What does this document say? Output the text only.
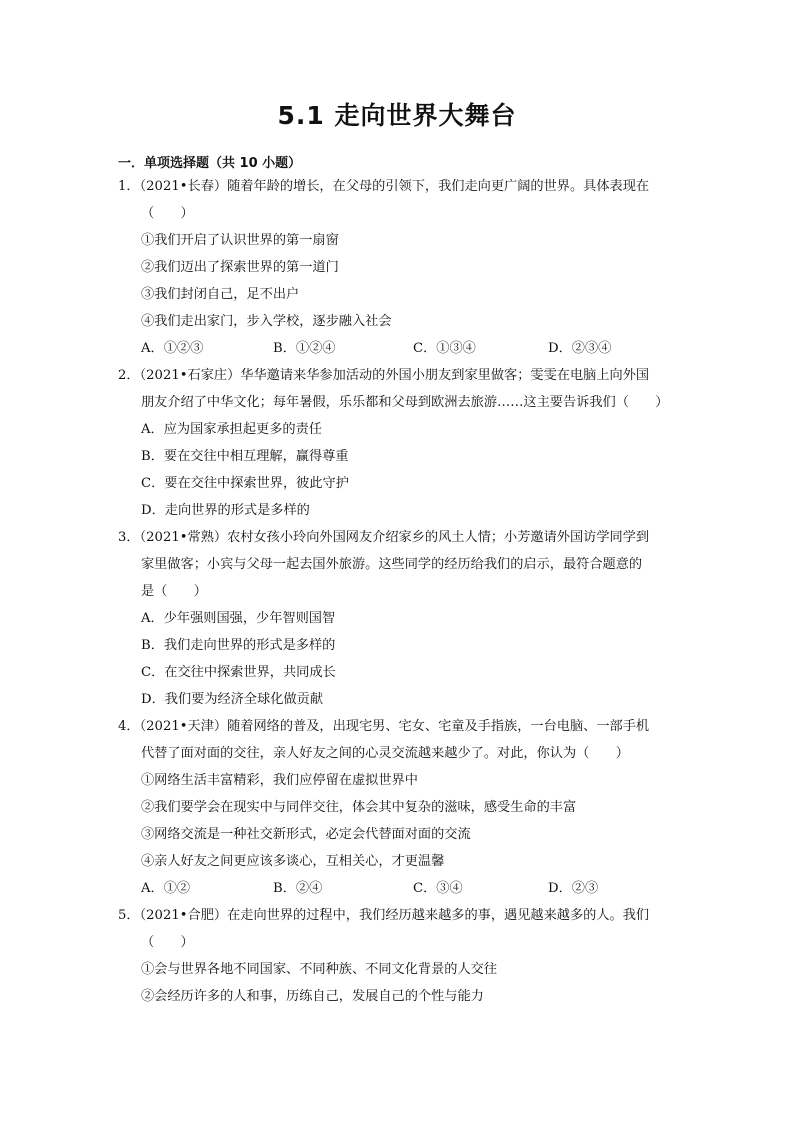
5.1 走向世界大舞台
一．单项选择题（共 10 小题）
1．（2021•长春）随着年龄的增长，在父母的引领下，我们走向更广阔的世界。具体表现在
（　　）
①我们开启了认识世界的第一扇窗
②我们迈出了探索世界的第一道门
③我们封闭自己，足不出户
④我们走出家门，步入学校，逐步融入社会
A．①②③	B．①②④	C．①③④	D．②③④
2．（2021•石家庄）华华邀请来华参加活动的外国小朋友到家里做客；雯雯在电脑上向外国
朋友介绍了中华文化；每年暑假，乐乐都和父母到欧洲去旅游……这主要告诉我们（　　）
A．应为国家承担起更多的责任
B．要在交往中相互理解，赢得尊重
C．要在交往中探索世界，彼此守护
D．走向世界的形式是多样的
3．（2021•常熟）农村女孩小玲向外国网友介绍家乡的风土人情；小芳邀请外国访学同学到
家里做客；小宾与父母一起去国外旅游。这些同学的经历给我们的启示，最符合题意的
是（　　）
A．少年强则国强，少年智则国智
B．我们走向世界的形式是多样的
C．在交往中探索世界，共同成长
D．我们要为经济全球化做贡献
4．（2021•天津）随着网络的普及，出现宅男、宅女、宅童及手指族，一台电脑、一部手机
代替了面对面的交往，亲人好友之间的心灵交流越来越少了。对此，你认为（　　）
①网络生活丰富精彩，我们应停留在虚拟世界中
②我们要学会在现实中与同伴交往，体会其中复杂的滋味，感受生命的丰富
③网络交流是一种社交新形式，必定会代替面对面的交流
④亲人好友之间更应该多谈心，互相关心，才更温馨
A．①②	B．②④	C．③④	D．②③
5．（2021•合肥）在走向世界的过程中，我们经历越来越多的事，遇见越来越多的人。我们
（　　）
①会与世界各地不同国家、不同种族、不同文化背景的人交往
②会经历许多的人和事，历练自己，发展自己的个性与能力
